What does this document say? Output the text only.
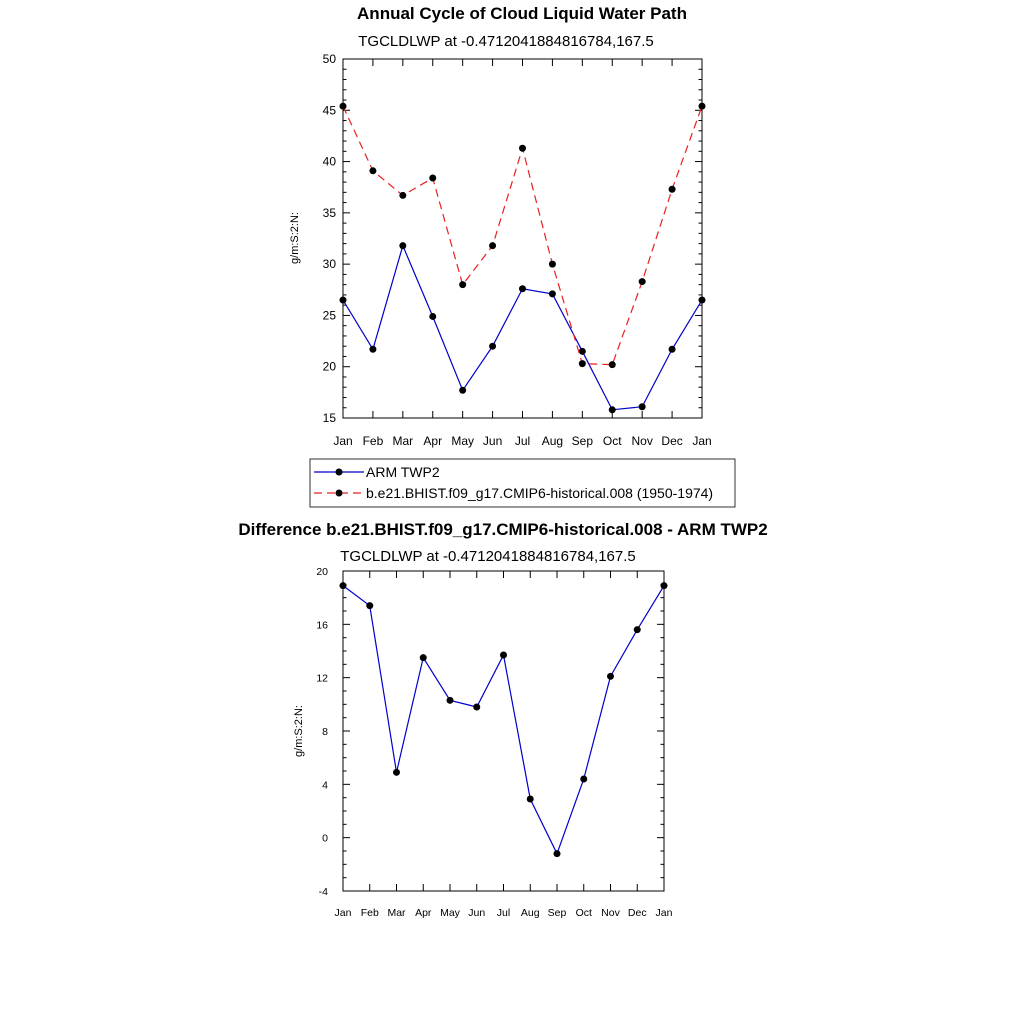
Annual Cycle of Cloud Liquid Water Path
TGCLDLWP at -0.4712041884816784,167.5
g/m:S:2:N:
Jan Feb Mar Apr May Jun Jul Aug Sep Oct Nov Dec Jan
15
20
25
30
35
40
45
50
ARM TWP2
b.e21.BHIST.f09_g17.CMIP6-historical.008 (1950-1974)
Difference b.e21.BHIST.f09_g17.CMIP6-historical.008 - ARM TWP2
TGCLDLWP at -0.4712041884816784,167.5
g/m:S:2:N:
Jan Feb Mar Apr May Jun Jul Aug Sep Oct Nov Dec Jan
-4
0
4
8
12
16
20
